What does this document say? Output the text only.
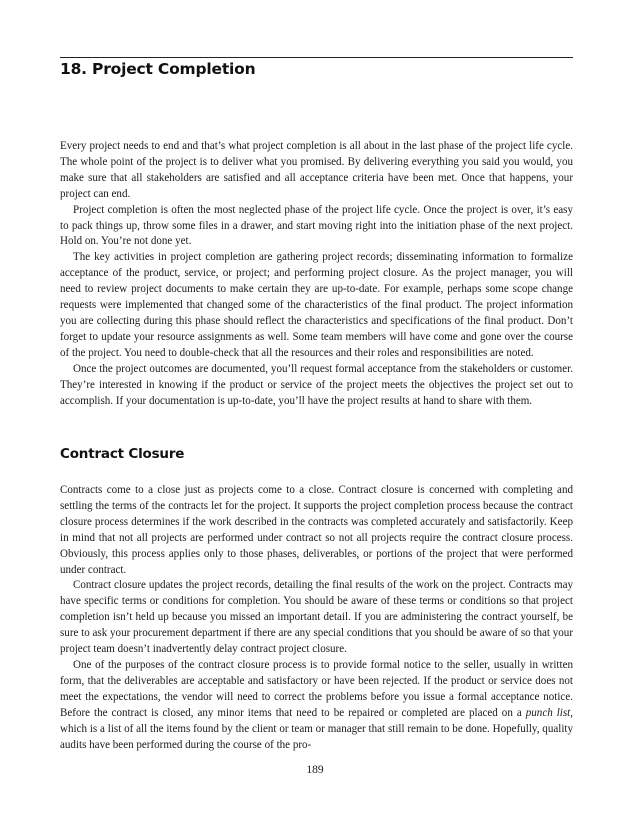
18. Project Completion

Every project needs to end and that’s what project completion is all about in the last phase of the project life cycle. The whole point of the project is to deliver what you promised. By delivering everything you said you would, you make sure that all stakeholders are satisfied and all acceptance criteria have been met. Once that happens, your project can end.

Project completion is often the most neglected phase of the project life cycle. Once the project is over, it’s easy to pack things up, throw some files in a drawer, and start moving right into the initiation phase of the next project. Hold on. You’re not done yet.

The key activities in project completion are gathering project records; disseminating information to formalize acceptance of the product, service, or project; and performing project closure. As the project manager, you will need to review project documents to make certain they are up-to-date. For example, perhaps some scope change requests were implemented that changed some of the characteristics of the final product. The project information you are collecting during this phase should reflect the characteristics and specifications of the final product. Don’t forget to update your resource assignments as well. Some team members will have come and gone over the course of the project. You need to double-check that all the resources and their roles and responsibilities are noted.

Once the project outcomes are documented, you’ll request formal acceptance from the stakeholders or customer. They’re interested in knowing if the product or service of the project meets the objectives the project set out to accomplish. If your documentation is up-to-date, you’ll have the project results at hand to share with them.

Contract Closure

Contracts come to a close just as projects come to a close. Contract closure is concerned with completing and settling the terms of the contracts let for the project. It supports the project completion process because the contract closure process determines if the work described in the contracts was completed accurately and satisfactorily. Keep in mind that not all projects are performed under contract so not all projects require the contract closure process. Obviously, this process applies only to those phases, deliverables, or portions of the project that were performed under contract.

Contract closure updates the project records, detailing the final results of the work on the project. Contracts may have specific terms or conditions for completion. You should be aware of these terms or conditions so that project completion isn’t held up because you missed an important detail. If you are administering the contract yourself, be sure to ask your procurement department if there are any special conditions that you should be aware of so that your project team doesn’t inadvertently delay contract project closure.

One of the purposes of the contract closure process is to provide formal notice to the seller, usually in written form, that the deliverables are acceptable and satisfactory or have been rejected. If the product or service does not meet the expectations, the vendor will need to correct the problems before you issue a formal acceptance notice. Before the contract is closed, any minor items that need to be repaired or completed are placed on a punch list, which is a list of all the items found by the client or team or manager that still remain to be done. Hopefully, quality audits have been performed during the course of the pro-

189
